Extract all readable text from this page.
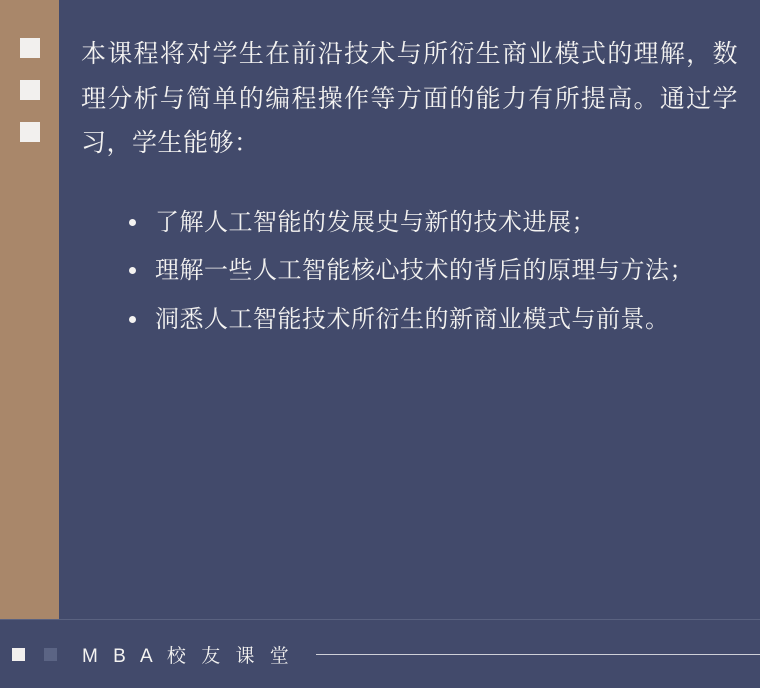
本课程将对学生在前沿技术与所衍生商业模式的理解，数理分析与简单的编程操作等方面的能力有所提高。通过学习，学生能够：

了解人工智能的发展史与新的技术进展；
理解一些人工智能核心技术的背后的原理与方法；
洞悉人工智能技术所衍生的新商业模式与前景。
M B A 校 友 课 堂
